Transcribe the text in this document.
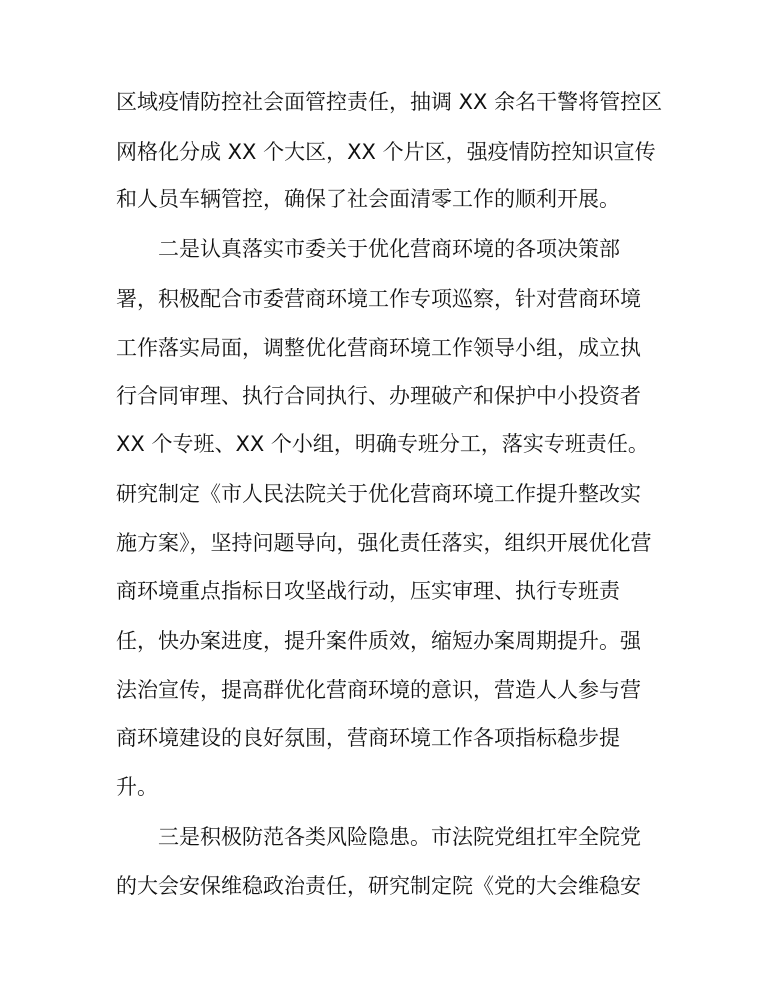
区域疫情防控社会面管控责任，抽调 XX 余名干警将管控区

网格化分成 XX 个大区，XX 个片区，强疫情防控知识宣传

和人员车辆管控，确保了社会面清零工作的顺利开展。

二是认真落实市委关于优化营商环境的各项决策部

署，积极配合市委营商环境工作专项巡察，针对营商环境

工作落实局面，调整优化营商环境工作领导小组，成立执

行合同审理、执行合同执行、办理破产和保护中小投资者

XX 个专班、XX 个小组，明确专班分工，落实专班责任。

研究制定《市人民法院关于优化营商环境工作提升整改实

施方案》，坚持问题导向，强化责任落实，组织开展优化营

商环境重点指标日攻坚战行动，压实审理、执行专班责

任，快办案进度，提升案件质效，缩短办案周期提升。强

法治宣传，提高群优化营商环境的意识，营造人人参与营

商环境建设的良好氛围，营商环境工作各项指标稳步提

升。

三是积极防范各类风险隐患。市法院党组扛牢全院党

的大会安保维稳政治责任，研究制定院《党的大会维稳安
